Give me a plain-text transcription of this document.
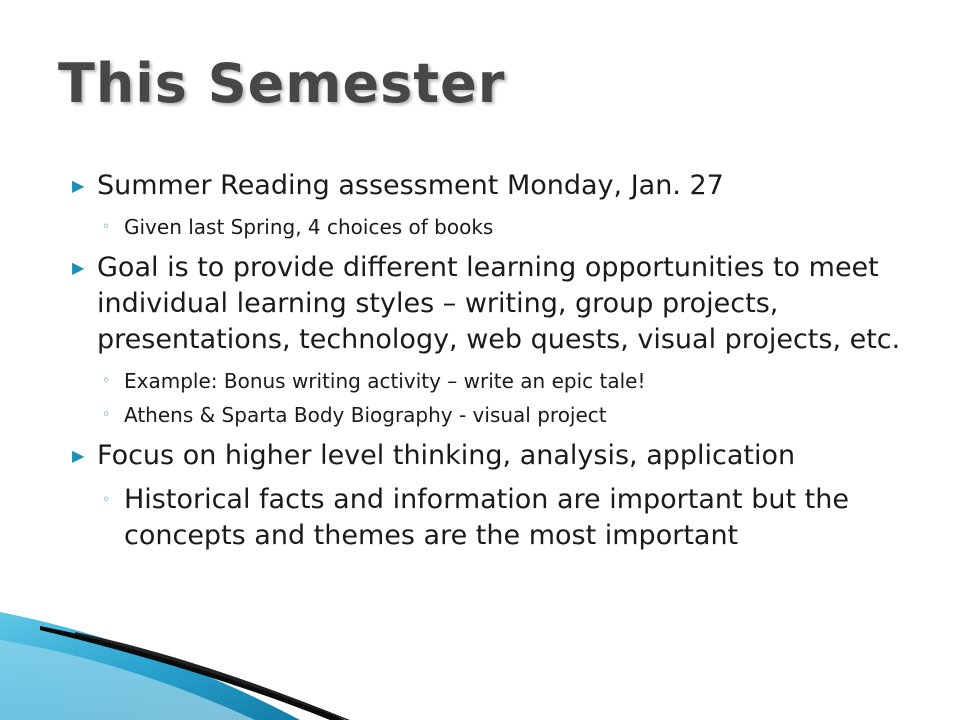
This Semester
▶ Summer Reading assessment Monday, Jan. 27
◦ Given last Spring, 4 choices of books
▶ Goal is to provide different learning opportunities to meet individual learning styles – writing, group projects, presentations, technology, web quests, visual projects, etc.
◦ Example: Bonus writing activity – write an epic tale!
◦ Athens & Sparta Body Biography - visual project
▶ Focus on higher level thinking, analysis, application
◦ Historical facts and information are important but the concepts and themes are the most important
